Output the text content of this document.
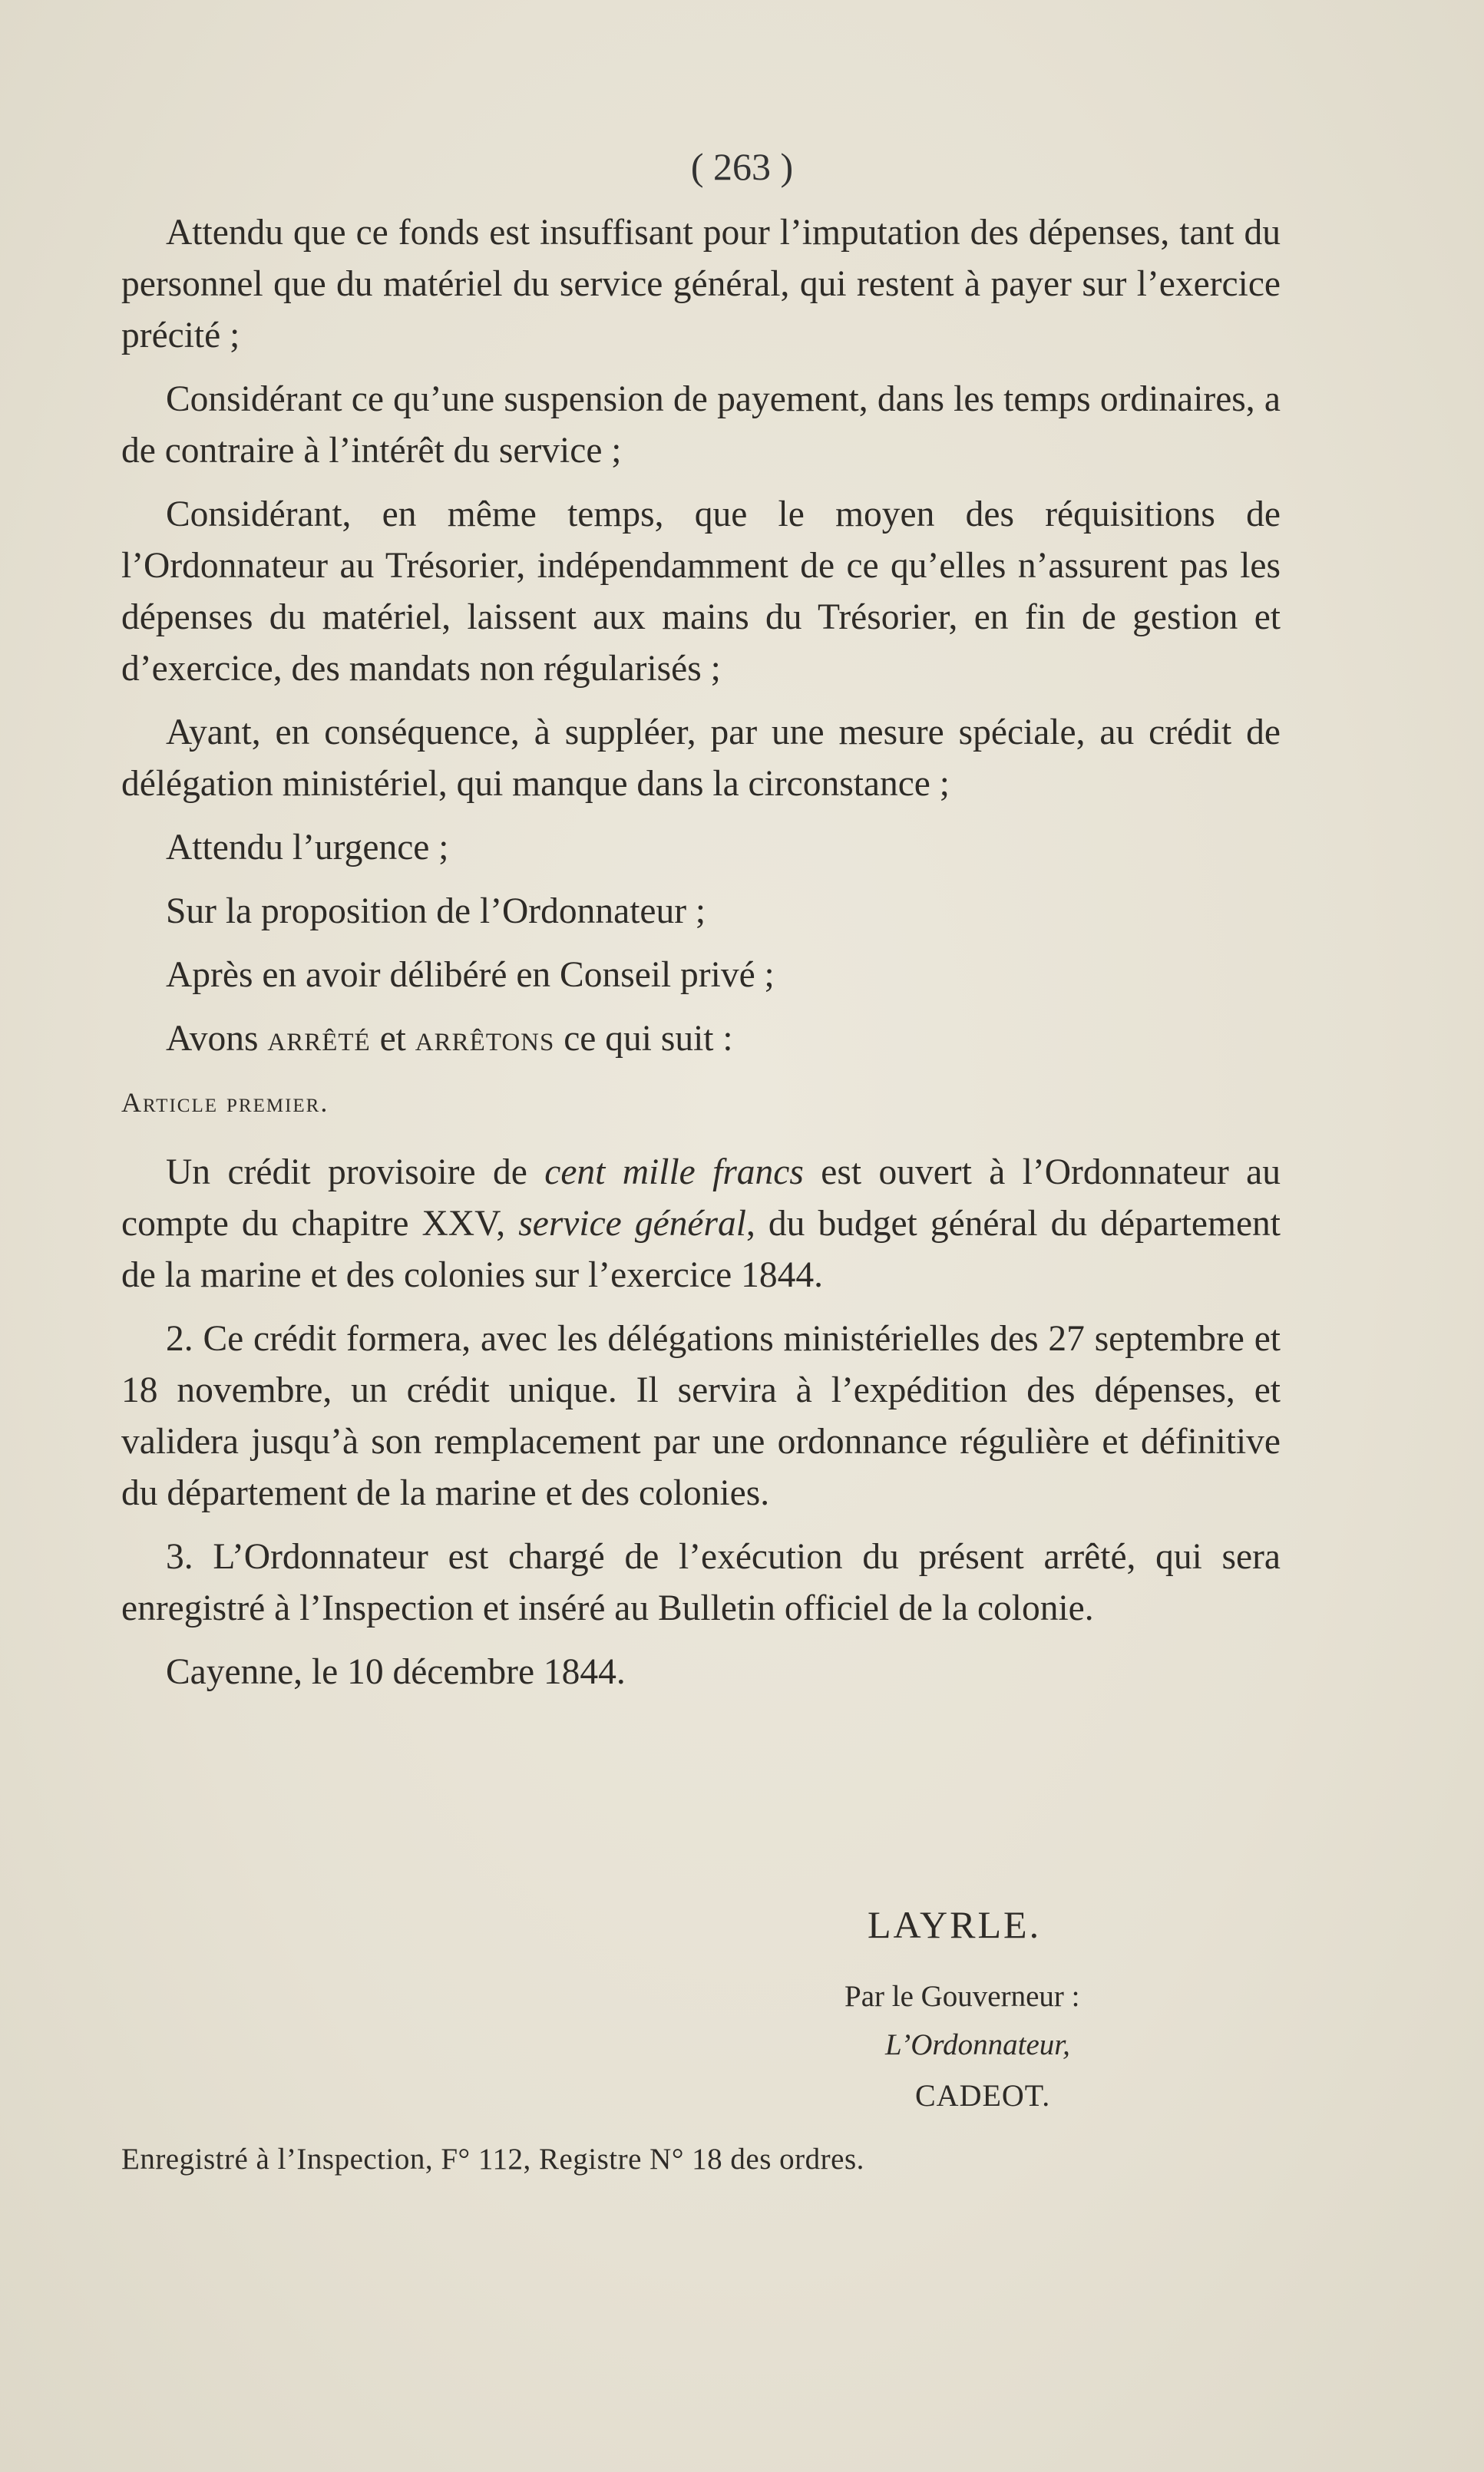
( 263 )

Attendu que ce fonds est insuffisant pour l’imputation des dépenses, tant du personnel que du matériel du service général, qui restent à payer sur l’exercice précité ;

Considérant ce qu’une suspension de payement, dans les temps ordinaires, a de contraire à l’intérêt du service ;

Considérant, en même temps, que le moyen des réquisitions de l’Ordonnateur au Trésorier, indépendamment de ce qu’elles n’assurent pas les dépenses du matériel, laissent aux mains du Trésorier, en fin de gestion et d’exercice, des mandats non régularisés ;

Ayant, en conséquence, à suppléer, par une mesure spéciale, au crédit de délégation ministériel, qui manque dans la circonstance ;

Attendu l’urgence ;

Sur la proposition de l’Ordonnateur ;

Après en avoir délibéré en Conseil privé ;

Avons arrêté et arrêtons ce qui suit :

Article premier.

Un crédit provisoire de cent mille francs est ouvert à l’Ordonnateur au compte du chapitre XXV, service général, du budget général du département de la marine et des colonies sur l’exercice 1844.

2. Ce crédit formera, avec les délégations ministérielles des 27 septembre et 18 novembre, un crédit unique. Il servira à l’expédition des dépenses, et validera jusqu’à son remplacement par une ordonnance régulière et définitive du département de la marine et des colonies.

3. L’Ordonnateur est chargé de l’exécution du présent arrêté, qui sera enregistré à l’Inspection et inséré au Bulletin officiel de la colonie.

Cayenne, le 10 décembre 1844.

LAYRLE.
Par le Gouverneur :
L’Ordonnateur,
CADEOT.
Enregistré à l’Inspection, F° 112, Registre N° 18 des ordres.
